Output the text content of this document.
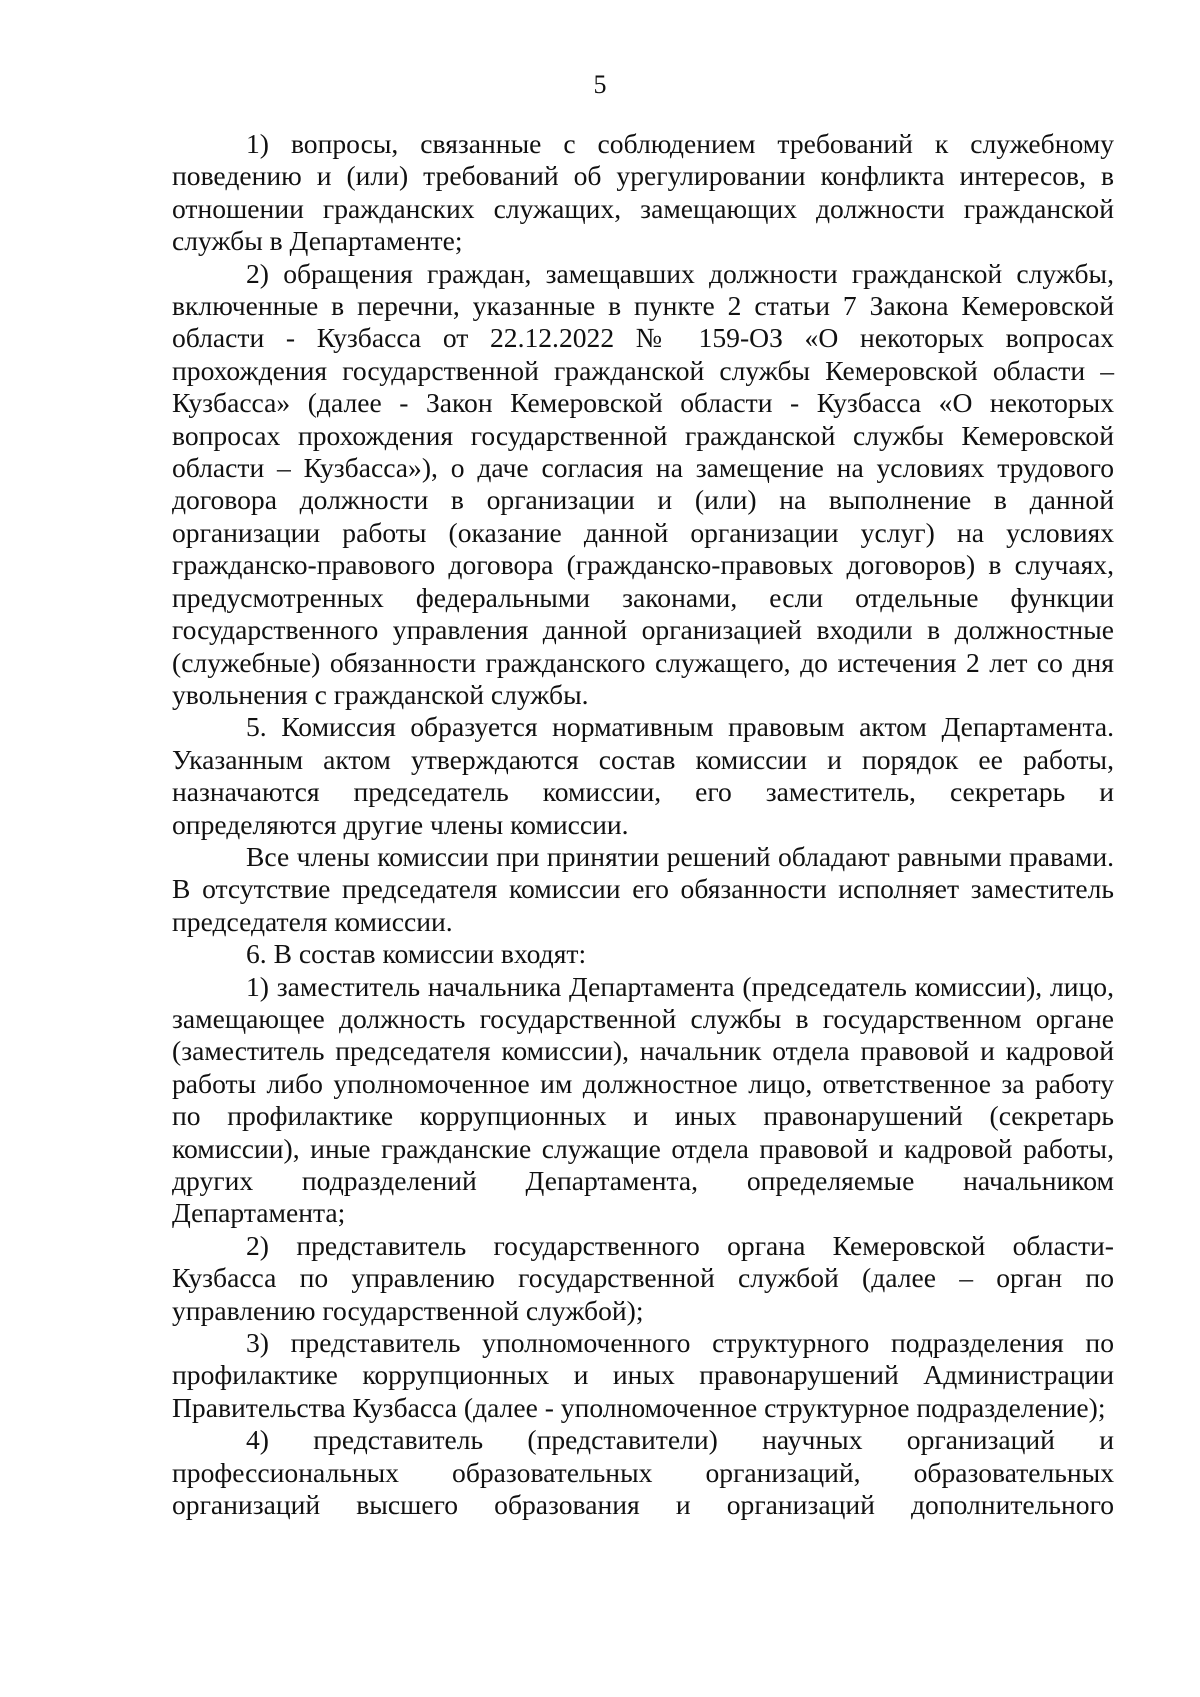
5

1) вопросы, связанные с соблюдением требований к служебному поведению и (или) требований об урегулировании конфликта интересов, в отношении гражданских служащих, замещающих должности гражданской службы в Департаменте;

2) обращения граждан, замещавших должности гражданской службы, включенные в перечни, указанные в пункте 2 статьи 7 Закона Кемеровской области - Кузбасса от 22.12.2022 № 159-ОЗ «О некоторых вопросах прохождения государственной гражданской службы Кемеровской области – Кузбасса» (далее - Закон Кемеровской области - Кузбасса «О некоторых вопросах прохождения государственной гражданской службы Кемеровской области – Кузбасса»), о даче согласия на замещение на условиях трудового договора должности в организации и (или) на выполнение в данной организации работы (оказание данной организации услуг) на условиях гражданско-правового договора (гражданско-правовых договоров) в случаях, предусмотренных федеральными законами, если отдельные функции государственного управления данной организацией входили в должностные (служебные) обязанности гражданского служащего, до истечения 2 лет со дня увольнения с гражданской службы.

5. Комиссия образуется нормативным правовым актом Департамента. Указанным актом утверждаются состав комиссии и порядок ее работы, назначаются председатель комиссии, его заместитель, секретарь и определяются другие члены комиссии.

Все члены комиссии при принятии решений обладают равными правами. В отсутствие председателя комиссии его обязанности исполняет заместитель председателя комиссии.

6. В состав комиссии входят:

1) заместитель начальника Департамента (председатель комиссии), лицо, замещающее должность государственной службы в государственном органе (заместитель председателя комиссии), начальник отдела правовой и кадровой работы либо уполномоченное им должностное лицо, ответственное за работу по профилактике коррупционных и иных правонарушений (секретарь комиссии), иные гражданские служащие отдела правовой и кадровой работы, других подразделений Департамента, определяемые начальником Департамента;

2) представитель государственного органа Кемеровской области-Кузбасса по управлению государственной службой (далее – орган по управлению государственной службой);

3) представитель уполномоченного структурного подразделения по профилактике коррупционных и иных правонарушений Администрации Правительства Кузбасса (далее - уполномоченное структурное подразделение);

4) представитель (представители) научных организаций и профессиональных образовательных организаций, образовательных организаций высшего образования и организаций дополнительного
